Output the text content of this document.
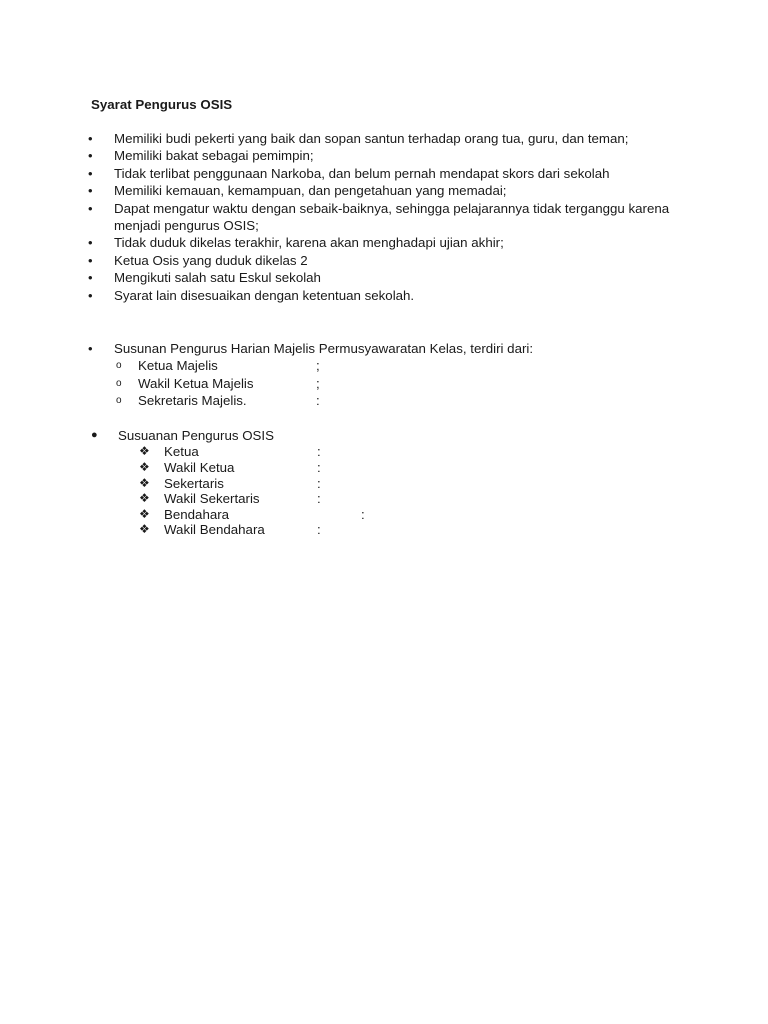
Syarat Pengurus OSIS
•	Memiliki budi pekerti yang baik dan sopan santun terhadap orang tua, guru, dan teman;
•	Memiliki bakat sebagai pemimpin;
•	Tidak terlibat penggunaan Narkoba, dan belum pernah mendapat skors dari sekolah
•	Memiliki kemauan, kemampuan, dan pengetahuan yang memadai;
•	Dapat mengatur waktu dengan sebaik-baiknya, sehingga pelajarannya tidak terganggu karena menjadi pengurus OSIS;
•	Tidak duduk dikelas terakhir, karena akan menghadapi ujian akhir;
•	Ketua Osis yang duduk dikelas 2
•	Mengikuti salah satu Eskul sekolah
•	Syarat lain disesuaikan dengan ketentuan sekolah.
•	Susunan Pengurus Harian Majelis Permusyawaratan Kelas, terdiri dari:
o Ketua Majelis	;
o Wakil Ketua Majelis	;
o Sekretaris Majelis.	:
●	Susuanan Pengurus OSIS
❖ Ketua	:
❖ Wakil Ketua	:
❖ Sekertaris	:
❖ Wakil Sekertaris	:
❖ Bendahara	:
❖ Wakil Bendahara	:
